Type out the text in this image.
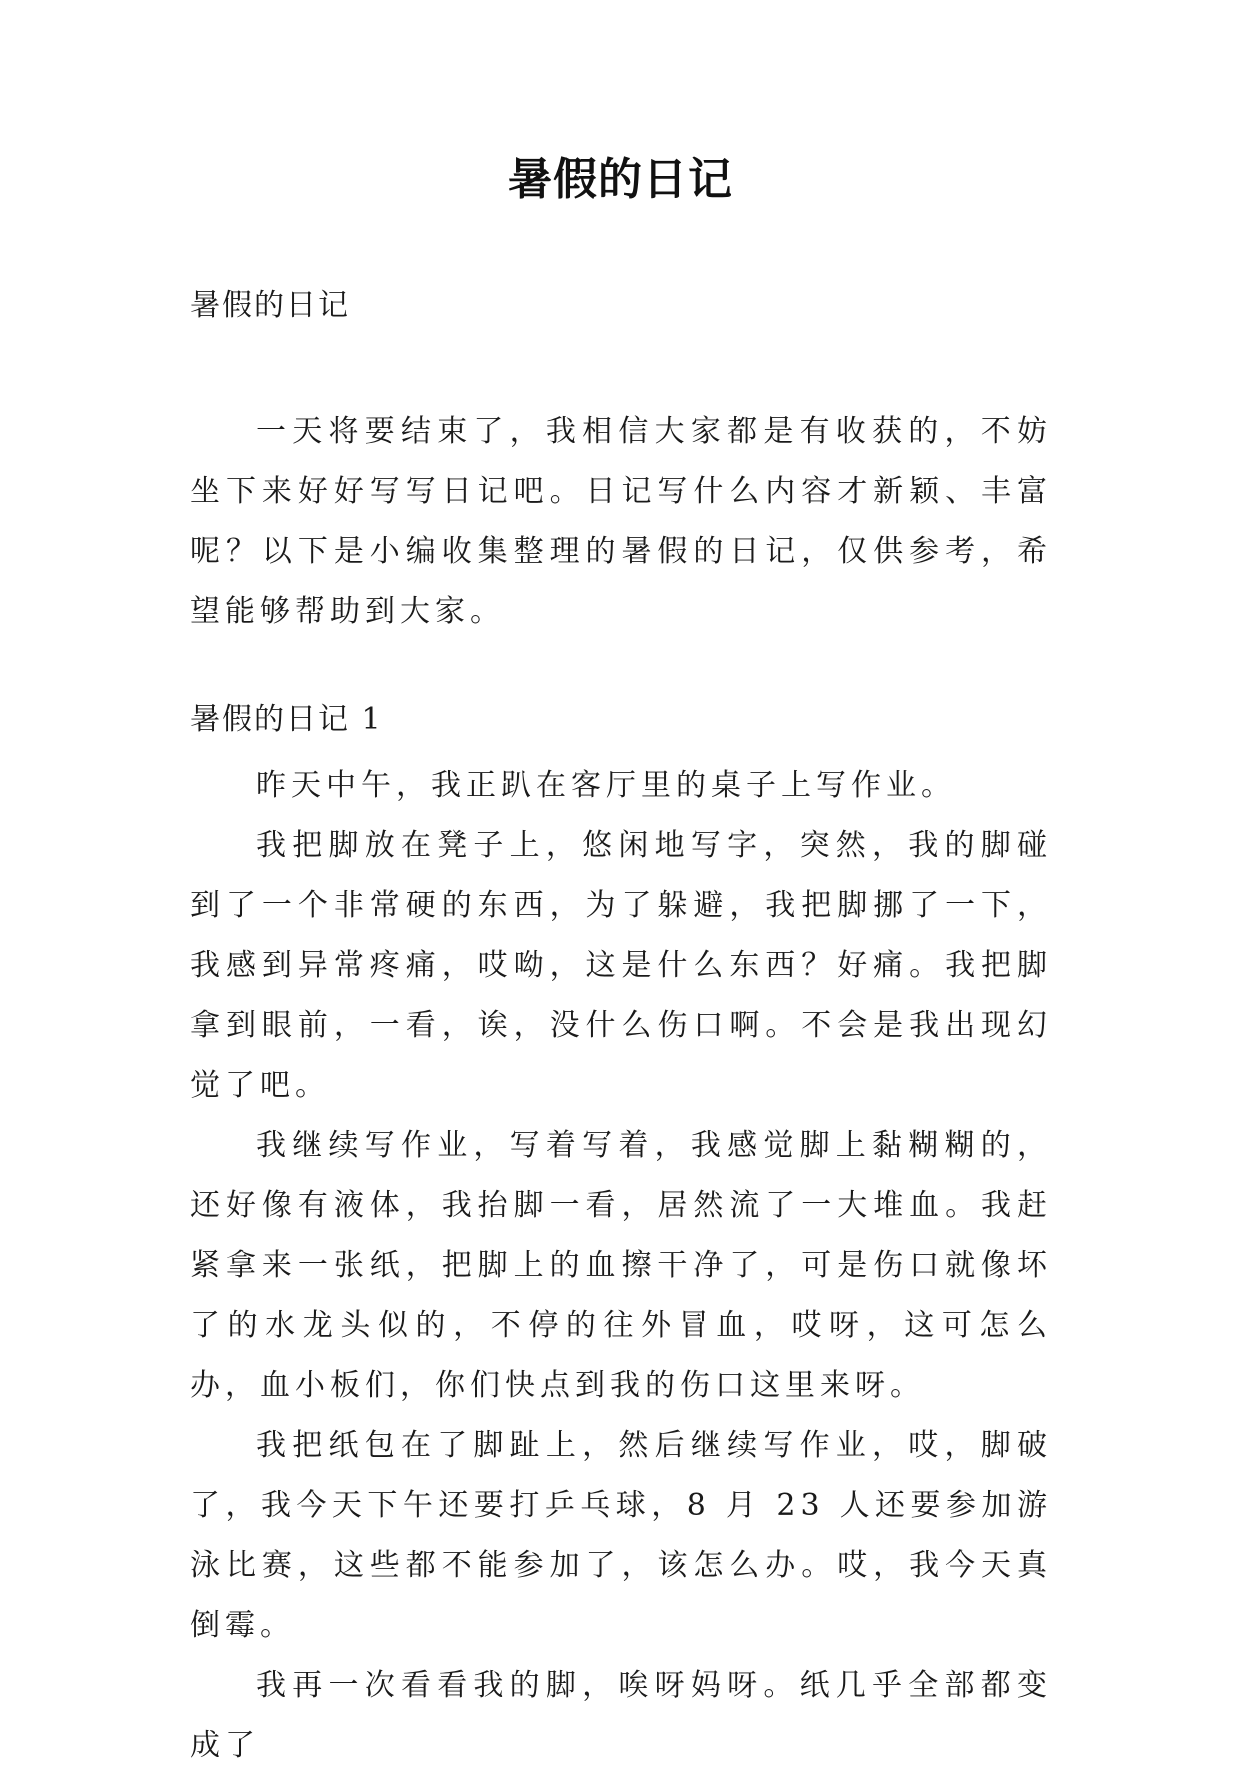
暑假的日记

暑假的日记

一天将要结束了，我相信大家都是有收获的，不妨坐下来好好写写日记吧。日记写什么内容才新颖、丰富呢？以下是小编收集整理的暑假的日记，仅供参考，希望能够帮助到大家。

暑假的日记 1

昨天中午，我正趴在客厅里的桌子上写作业。

我把脚放在凳子上，悠闲地写字，突然，我的脚碰到了一个非常硬的东西，为了躲避，我把脚挪了一下，我感到异常疼痛，哎呦，这是什么东西？好痛。我把脚拿到眼前，一看，诶，没什么伤口啊。不会是我出现幻觉了吧。

我继续写作业，写着写着，我感觉脚上黏糊糊的，还好像有液体，我抬脚一看，居然流了一大堆血。我赶紧拿来一张纸，把脚上的血擦干净了，可是伤口就像坏了的水龙头似的，不停的往外冒血，哎呀，这可怎么办，血小板们，你们快点到我的伤口这里来呀。

我把纸包在了脚趾上，然后继续写作业，哎，脚破了，我今天下午还要打乒乓球，8 月 23 人还要参加游泳比赛，这些都不能参加了，该怎么办。哎，我今天真倒霉。

我再一次看看我的脚，唉呀妈呀。纸几乎全部都变成了
